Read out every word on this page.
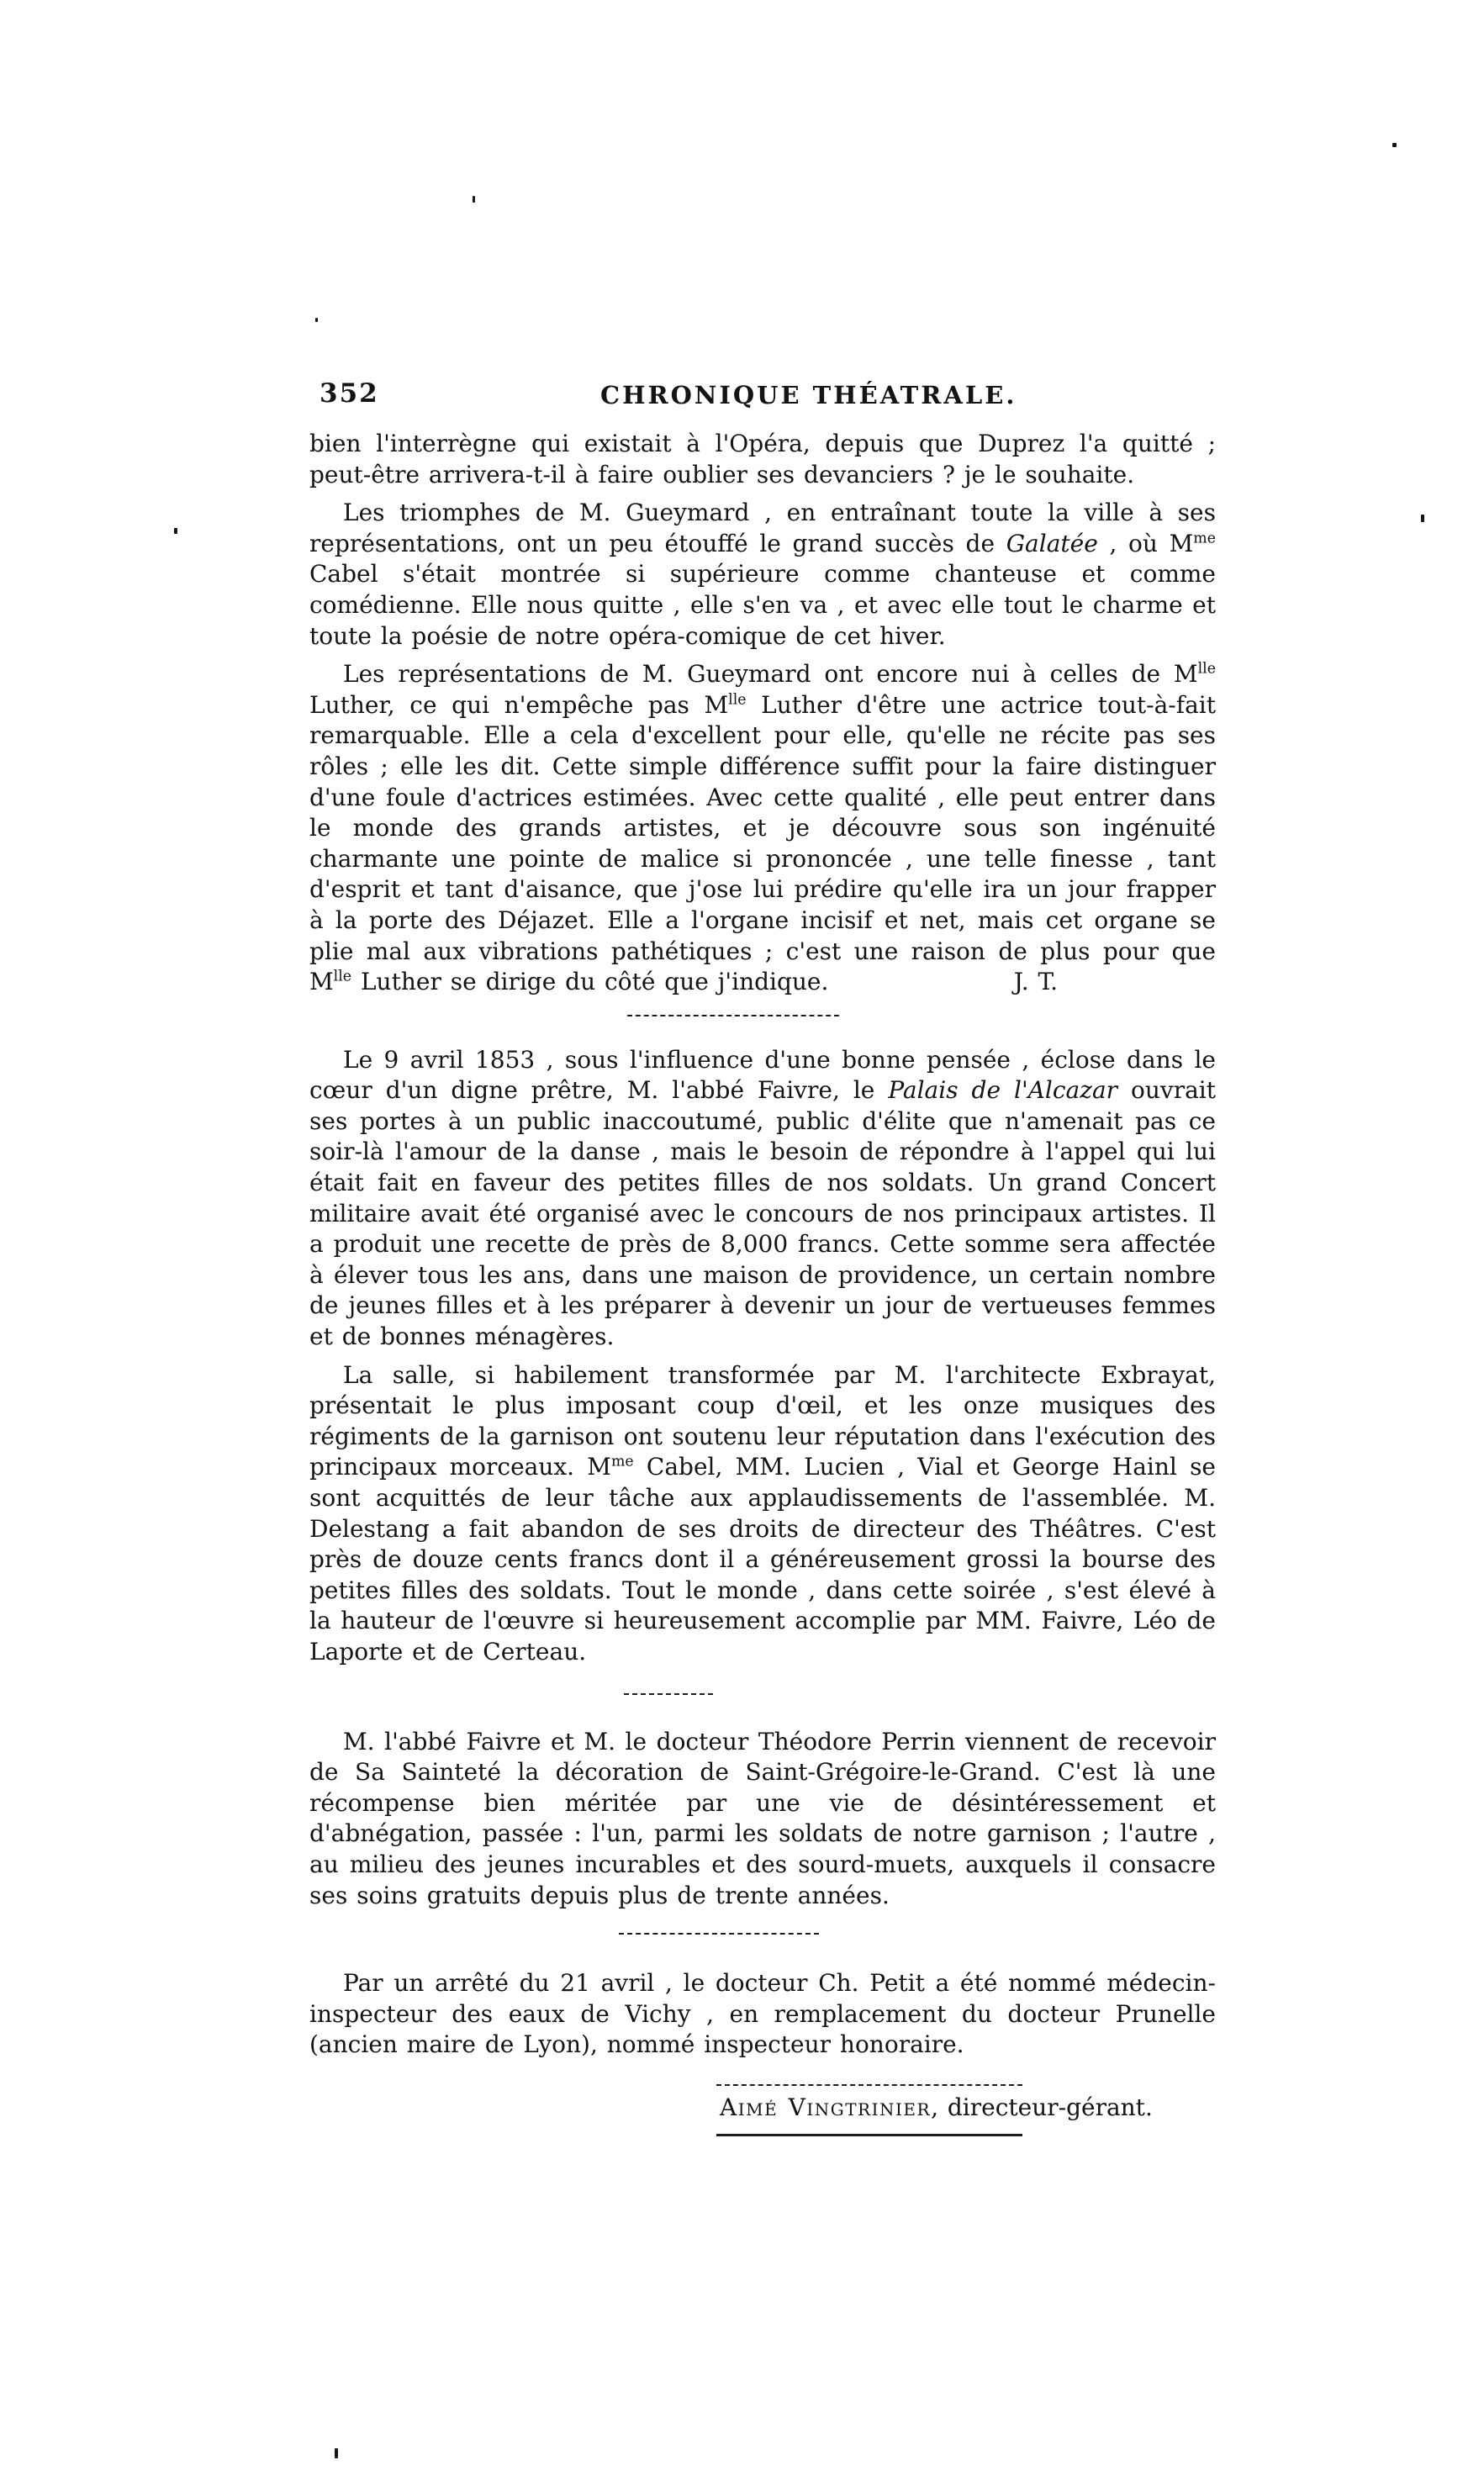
352	CHRONIQUE THÉATRALE.

bien l'interrègne qui existait à l'Opéra, depuis que Duprez l'a quitté ; peut-être arrivera-t-il à faire oublier ses devanciers ? je le souhaite.

Les triomphes de M. Gueymard , en entraînant toute la ville à ses représentations, ont un peu étouffé le grand succès de Galatée , où $M^{me}$ Cabel s'était montrée si supérieure comme chanteuse et comme comédienne. Elle nous quitte , elle s'en va , et avec elle tout le charme et toute la poésie de notre opéra-comique de cet hiver.

Les représentations de M. Gueymard ont encore nui à celles de $M^{lle}$ Luther, ce qui n'empêche pas $M^{lle}$ Luther d'être une actrice tout-à-fait remarquable. Elle a cela d'excellent pour elle, qu'elle ne récite pas ses rôles ; elle les dit. Cette simple différence suffit pour la faire distinguer d'une foule d'actrices estimées. Avec cette qualité , elle peut entrer dans le monde des grands artistes, et je découvre sous son ingénuité charmante une pointe de malice si prononcée , une telle finesse , tant d'esprit et tant d'aisance, que j'ose lui prédire qu'elle ira un jour frapper à la porte des Déjazet. Elle a l'organe incisif et net, mais cet organe se plie mal aux vibrations pathétiques ; c'est une raison de plus pour que $M^{lle}$ Luther se dirige du côté que j'indique.	J. T.

Le 9 avril 1853 , sous l'influence d'une bonne pensée , éclose dans le cœur d'un digne prêtre, M. l'abbé Faivre, le Palais de l'Alcazar ouvrait ses portes à un public inaccoutumé, public d'élite que n'amenait pas ce soir-là l'amour de la danse , mais le besoin de répondre à l'appel qui lui était fait en faveur des petites filles de nos soldats. Un grand Concert militaire avait été organisé avec le concours de nos principaux artistes. Il a produit une recette de près de 8,000 francs. Cette somme sera affectée à élever tous les ans, dans une maison de providence, un certain nombre de jeunes filles et à les préparer à devenir un jour de vertueuses femmes et de bonnes ménagères.

La salle, si habilement transformée par M. l'architecte Exbrayat, présentait le plus imposant coup d'œil, et les onze musiques des régiments de la garnison ont soutenu leur réputation dans l'exécution des principaux morceaux. $M^{me}$ Cabel, MM. Lucien , Vial et George Hainl se sont acquittés de leur tâche aux applaudissements de l'assemblée. M. Delestang a fait abandon de ses droits de directeur des Théâtres. C'est près de douze cents francs dont il a généreusement grossi la bourse des petites filles des soldats. Tout le monde , dans cette soirée , s'est élevé à la hauteur de l'œuvre si heureusement accomplie par MM. Faivre, Léo de Laporte et de Certeau.

M. l'abbé Faivre et M. le docteur Théodore Perrin viennent de recevoir de Sa Sainteté la décoration de Saint-Grégoire-le-Grand. C'est là une récompense bien méritée par une vie de désintéressement et d'abnégation, passée : l'un, parmi les soldats de notre garnison ; l'autre , au milieu des jeunes incurables et des sourd-muets, auxquels il consacre ses soins gratuits depuis plus de trente années.

Par un arrêté du 21 avril , le docteur Ch. Petit a été nommé médecin-inspecteur des eaux de Vichy , en remplacement du docteur Prunelle (ancien maire de Lyon), nommé inspecteur honoraire.

Aimé Vingtrinier, directeur-gérant.
